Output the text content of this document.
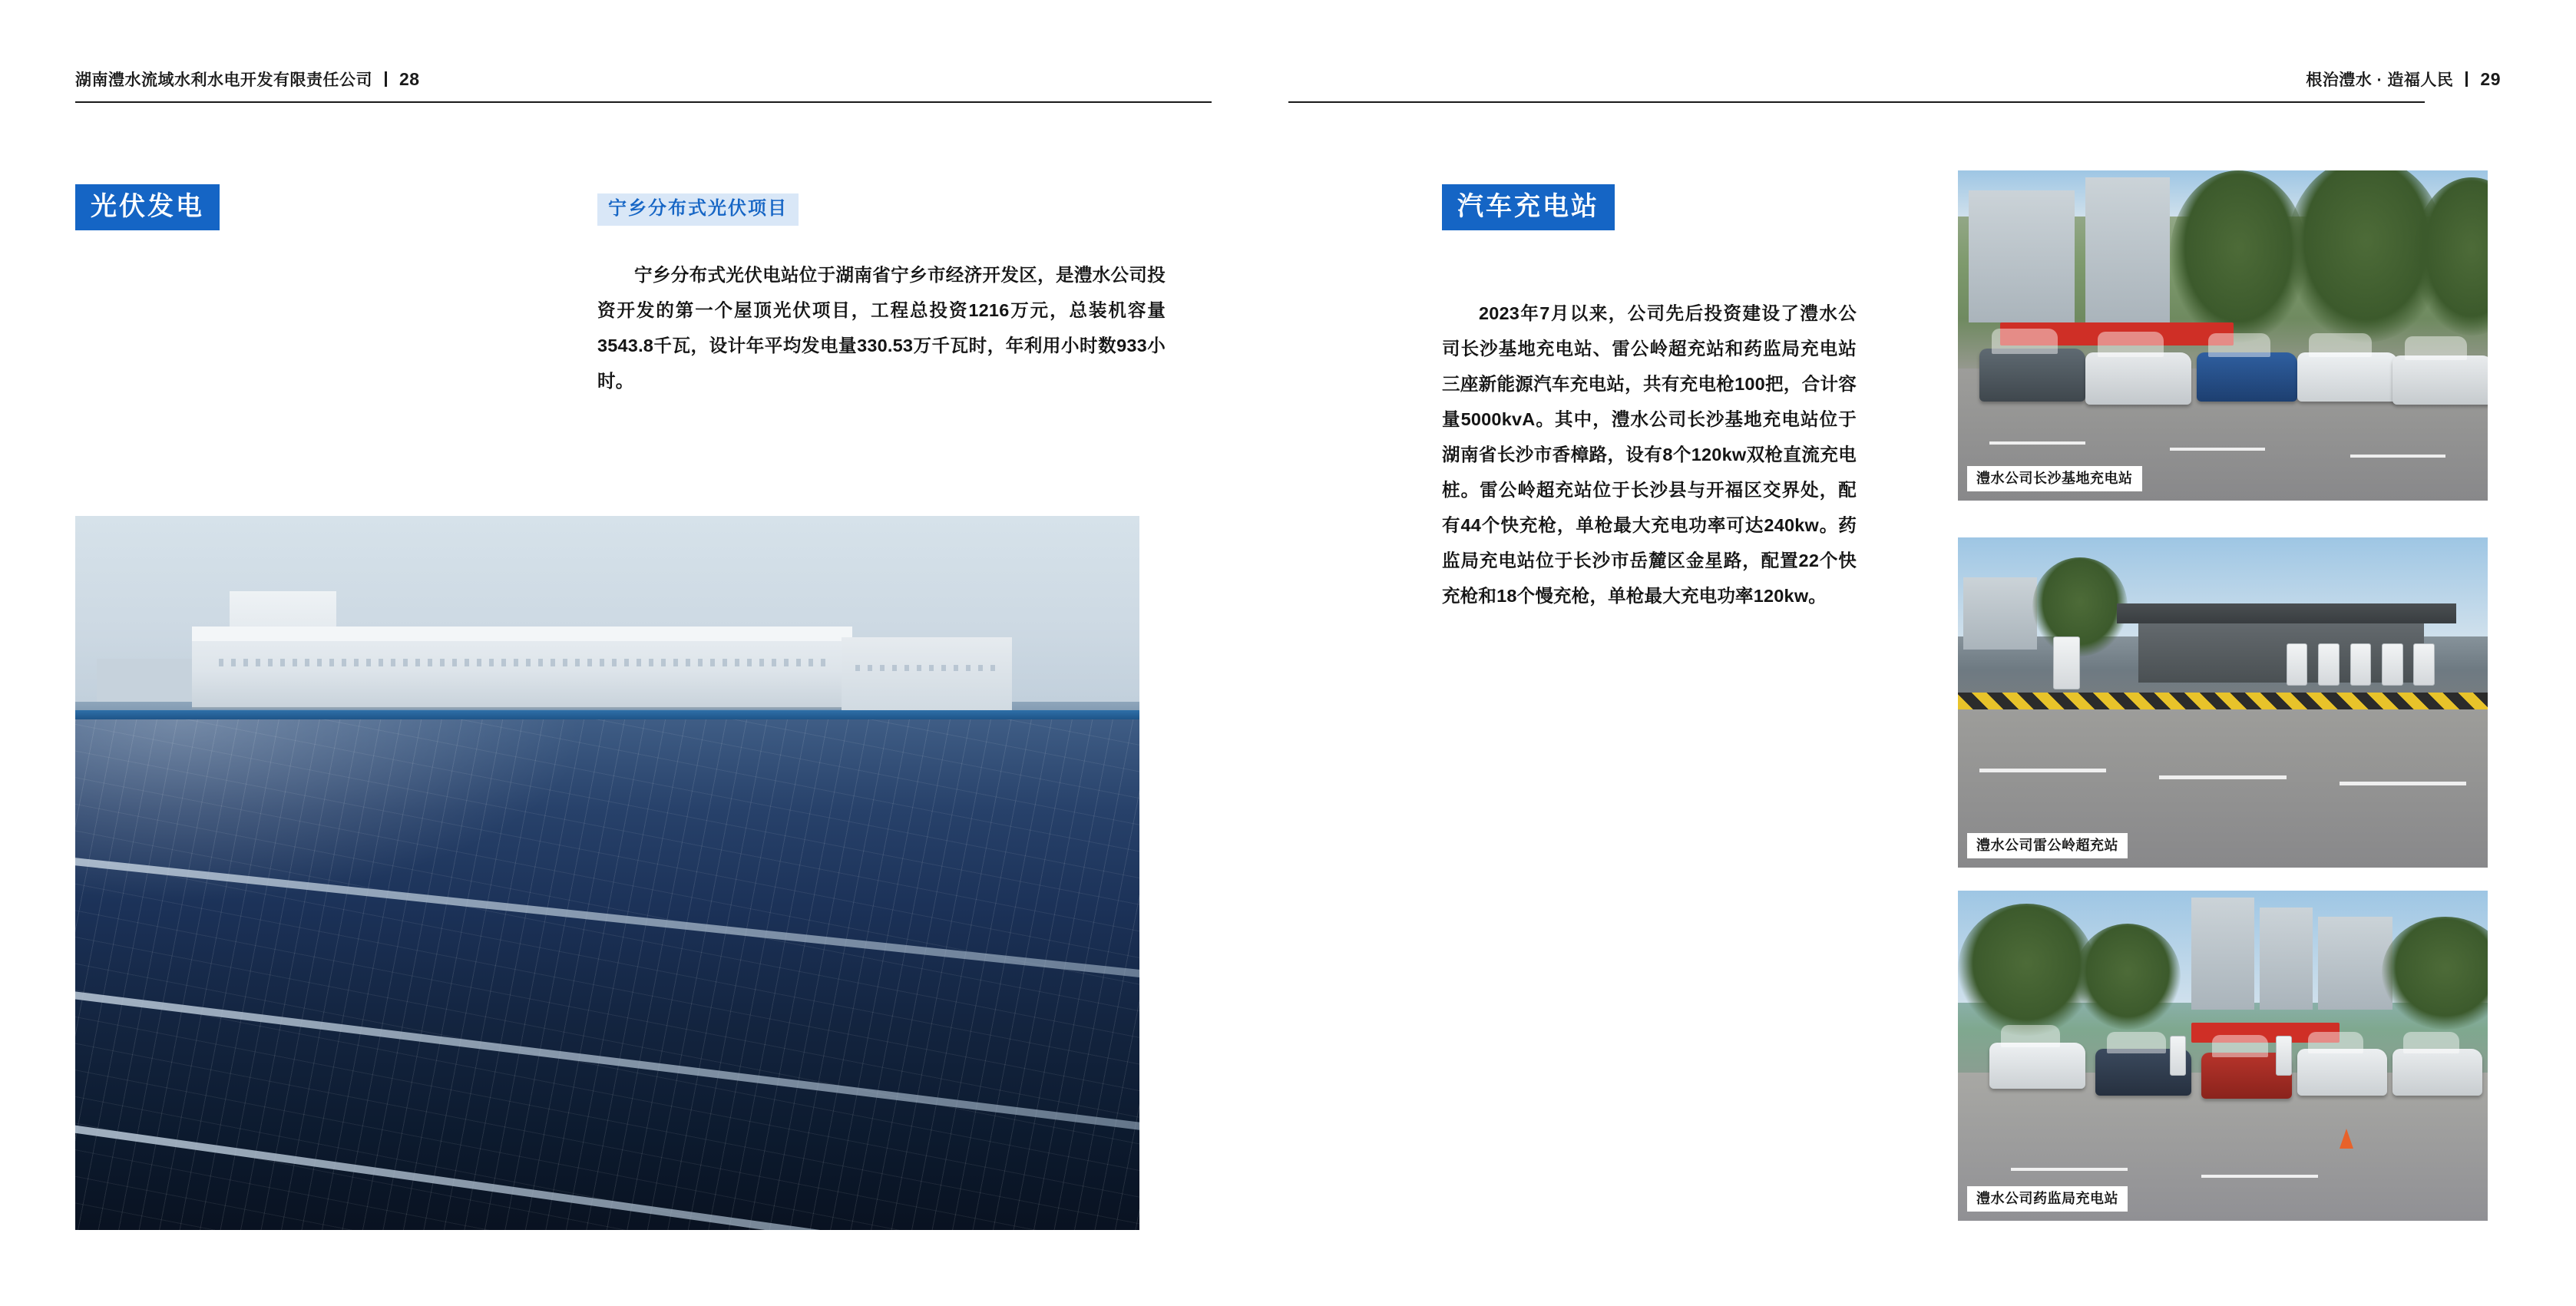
湖南澧水流域水利水电开发有限责任公司 28
光伏发电	宁乡分布式光伏项目
宁乡分布式光伏电站位于湖南省宁乡市经济开发区，是澧水公司投资开发的第一个屋顶光伏项目，工程总投资1216万元，总装机容量3543.8千瓦，设计年平均发电量330.53万千瓦时，年利用小时数933小时。
根治澧水 · 造福人民 29
汽车充电站
2023年7月以来，公司先后投资建设了澧水公司长沙基地充电站、雷公岭超充站和药监局充电站三座新能源汽车充电站，共有充电枪100把，合计容量5000kvA。其中，澧水公司长沙基地充电站位于湖南省长沙市香樟路，设有8个120kw双枪直流充电桩。雷公岭超充站位于长沙县与开福区交界处，配有44个快充枪，单枪最大充电功率可达240kw。药监局充电站位于长沙市岳麓区金星路，配置22个快充枪和18个慢充枪，单枪最大充电功率120kw。
澧水公司长沙基地充电站
澧水公司雷公岭超充站
澧水公司药监局充电站
